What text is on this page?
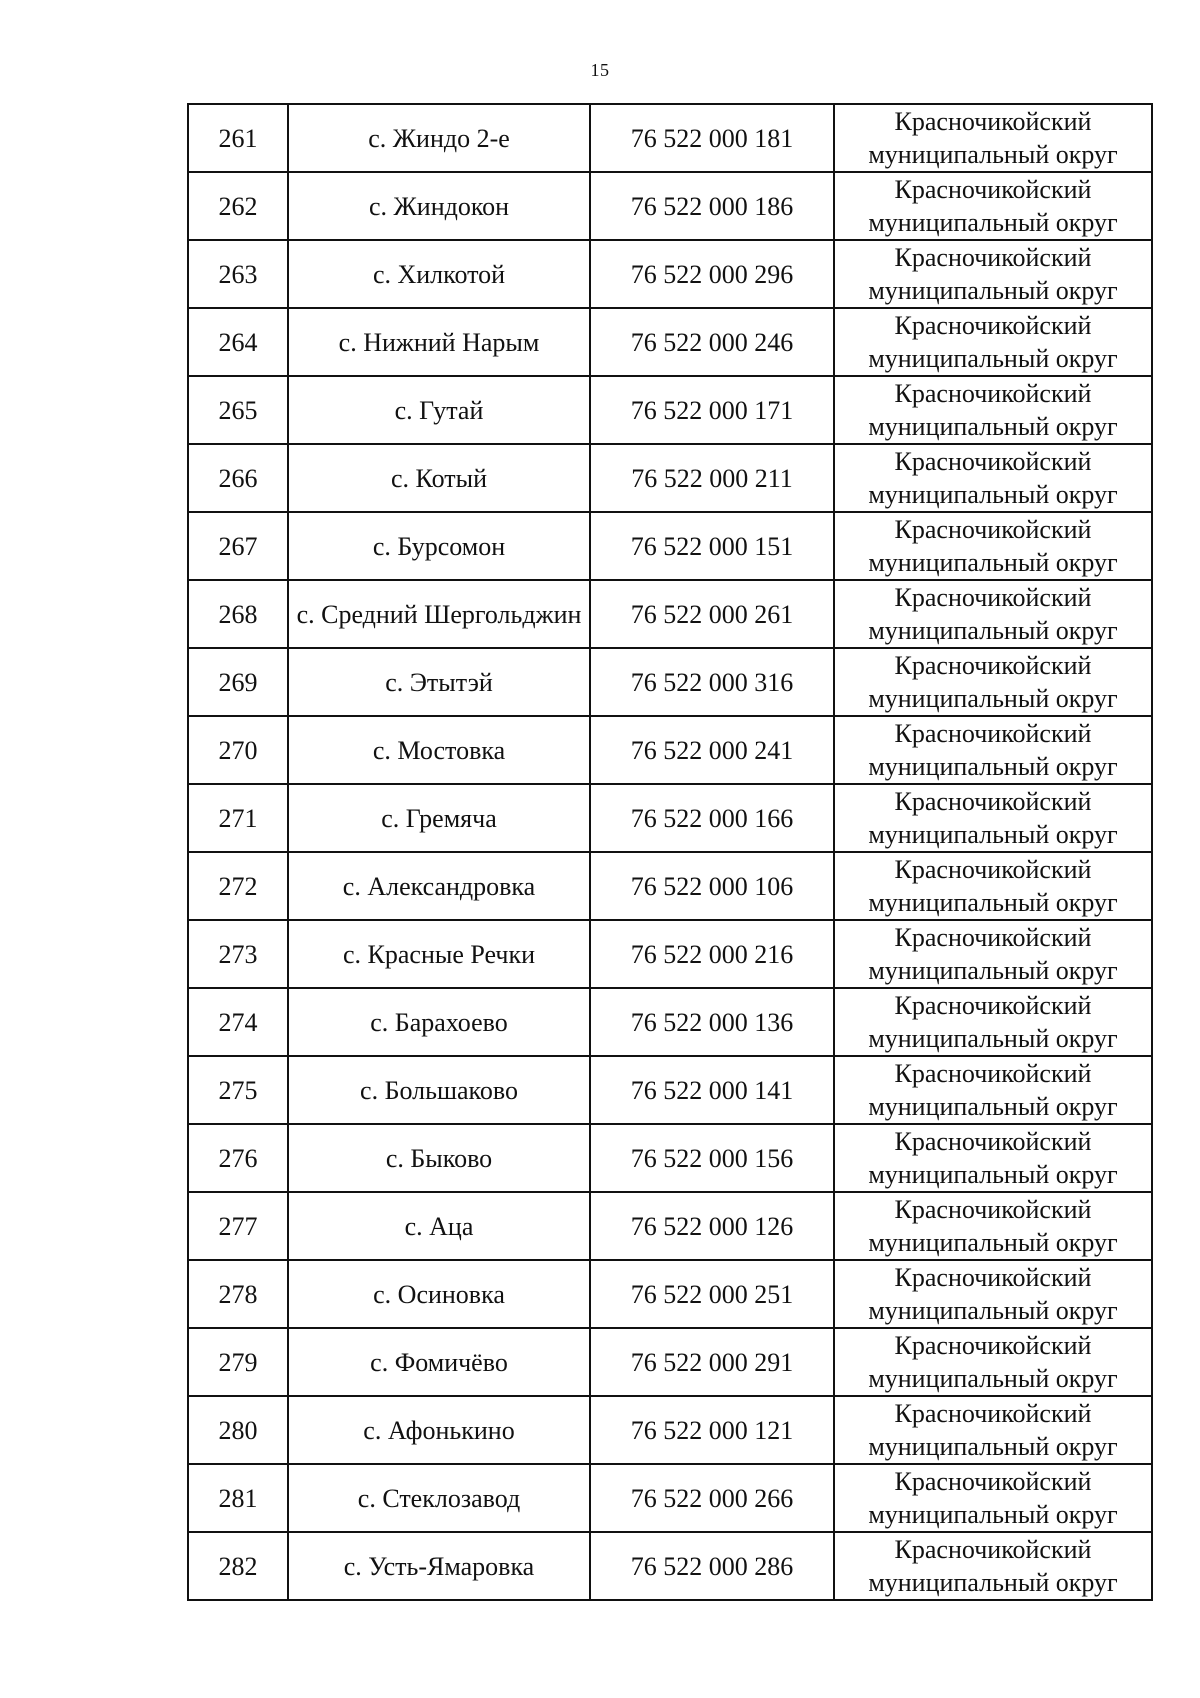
15
261	с. Жиндо 2-е	76 522 000 181	Красночикойский
муниципальный округ

262	с. Жиндокон	76 522 000 186	Красночикойский
муниципальный округ

263	с. Хилкотой	76 522 000 296	Красночикойский
муниципальный округ

264	с. Нижний Нарым	76 522 000 246	Красночикойский
муниципальный округ

265	с. Гутай	76 522 000 171	Красночикойский
муниципальный округ

266	с. Котый	76 522 000 211	Красночикойский
муниципальный округ

267	с. Бурсомон	76 522 000 151	Красночикойский
муниципальный округ

268	с. Средний Шергольджин	76 522 000 261	Красночикойский
муниципальный округ

269	с. Этытэй	76 522 000 316	Красночикойский
муниципальный округ

270	с. Мостовка	76 522 000 241	Красночикойский
муниципальный округ

271	с. Гремяча	76 522 000 166	Красночикойский
муниципальный округ

272	с. Александровка	76 522 000 106	Красночикойский
муниципальный округ

273	с. Красные Речки	76 522 000 216	Красночикойский
муниципальный округ

274	с. Барахоево	76 522 000 136	Красночикойский
муниципальный округ

275	с. Большаково	76 522 000 141	Красночикойский
муниципальный округ

276	с. Быково	76 522 000 156	Красночикойский
муниципальный округ

277	с. Аца	76 522 000 126	Красночикойский
муниципальный округ

278	с. Осиновка	76 522 000 251	Красночикойский
муниципальный округ

279	с. Фомичёво	76 522 000 291	Красночикойский
муниципальный округ

280	с. Афонькино	76 522 000 121	Красночикойский
муниципальный округ

281	с. Стеклозавод	76 522 000 266	Красночикойский
муниципальный округ

282	с. Усть-Ямаровка	76 522 000 286	Красночикойский
муниципальный округ
